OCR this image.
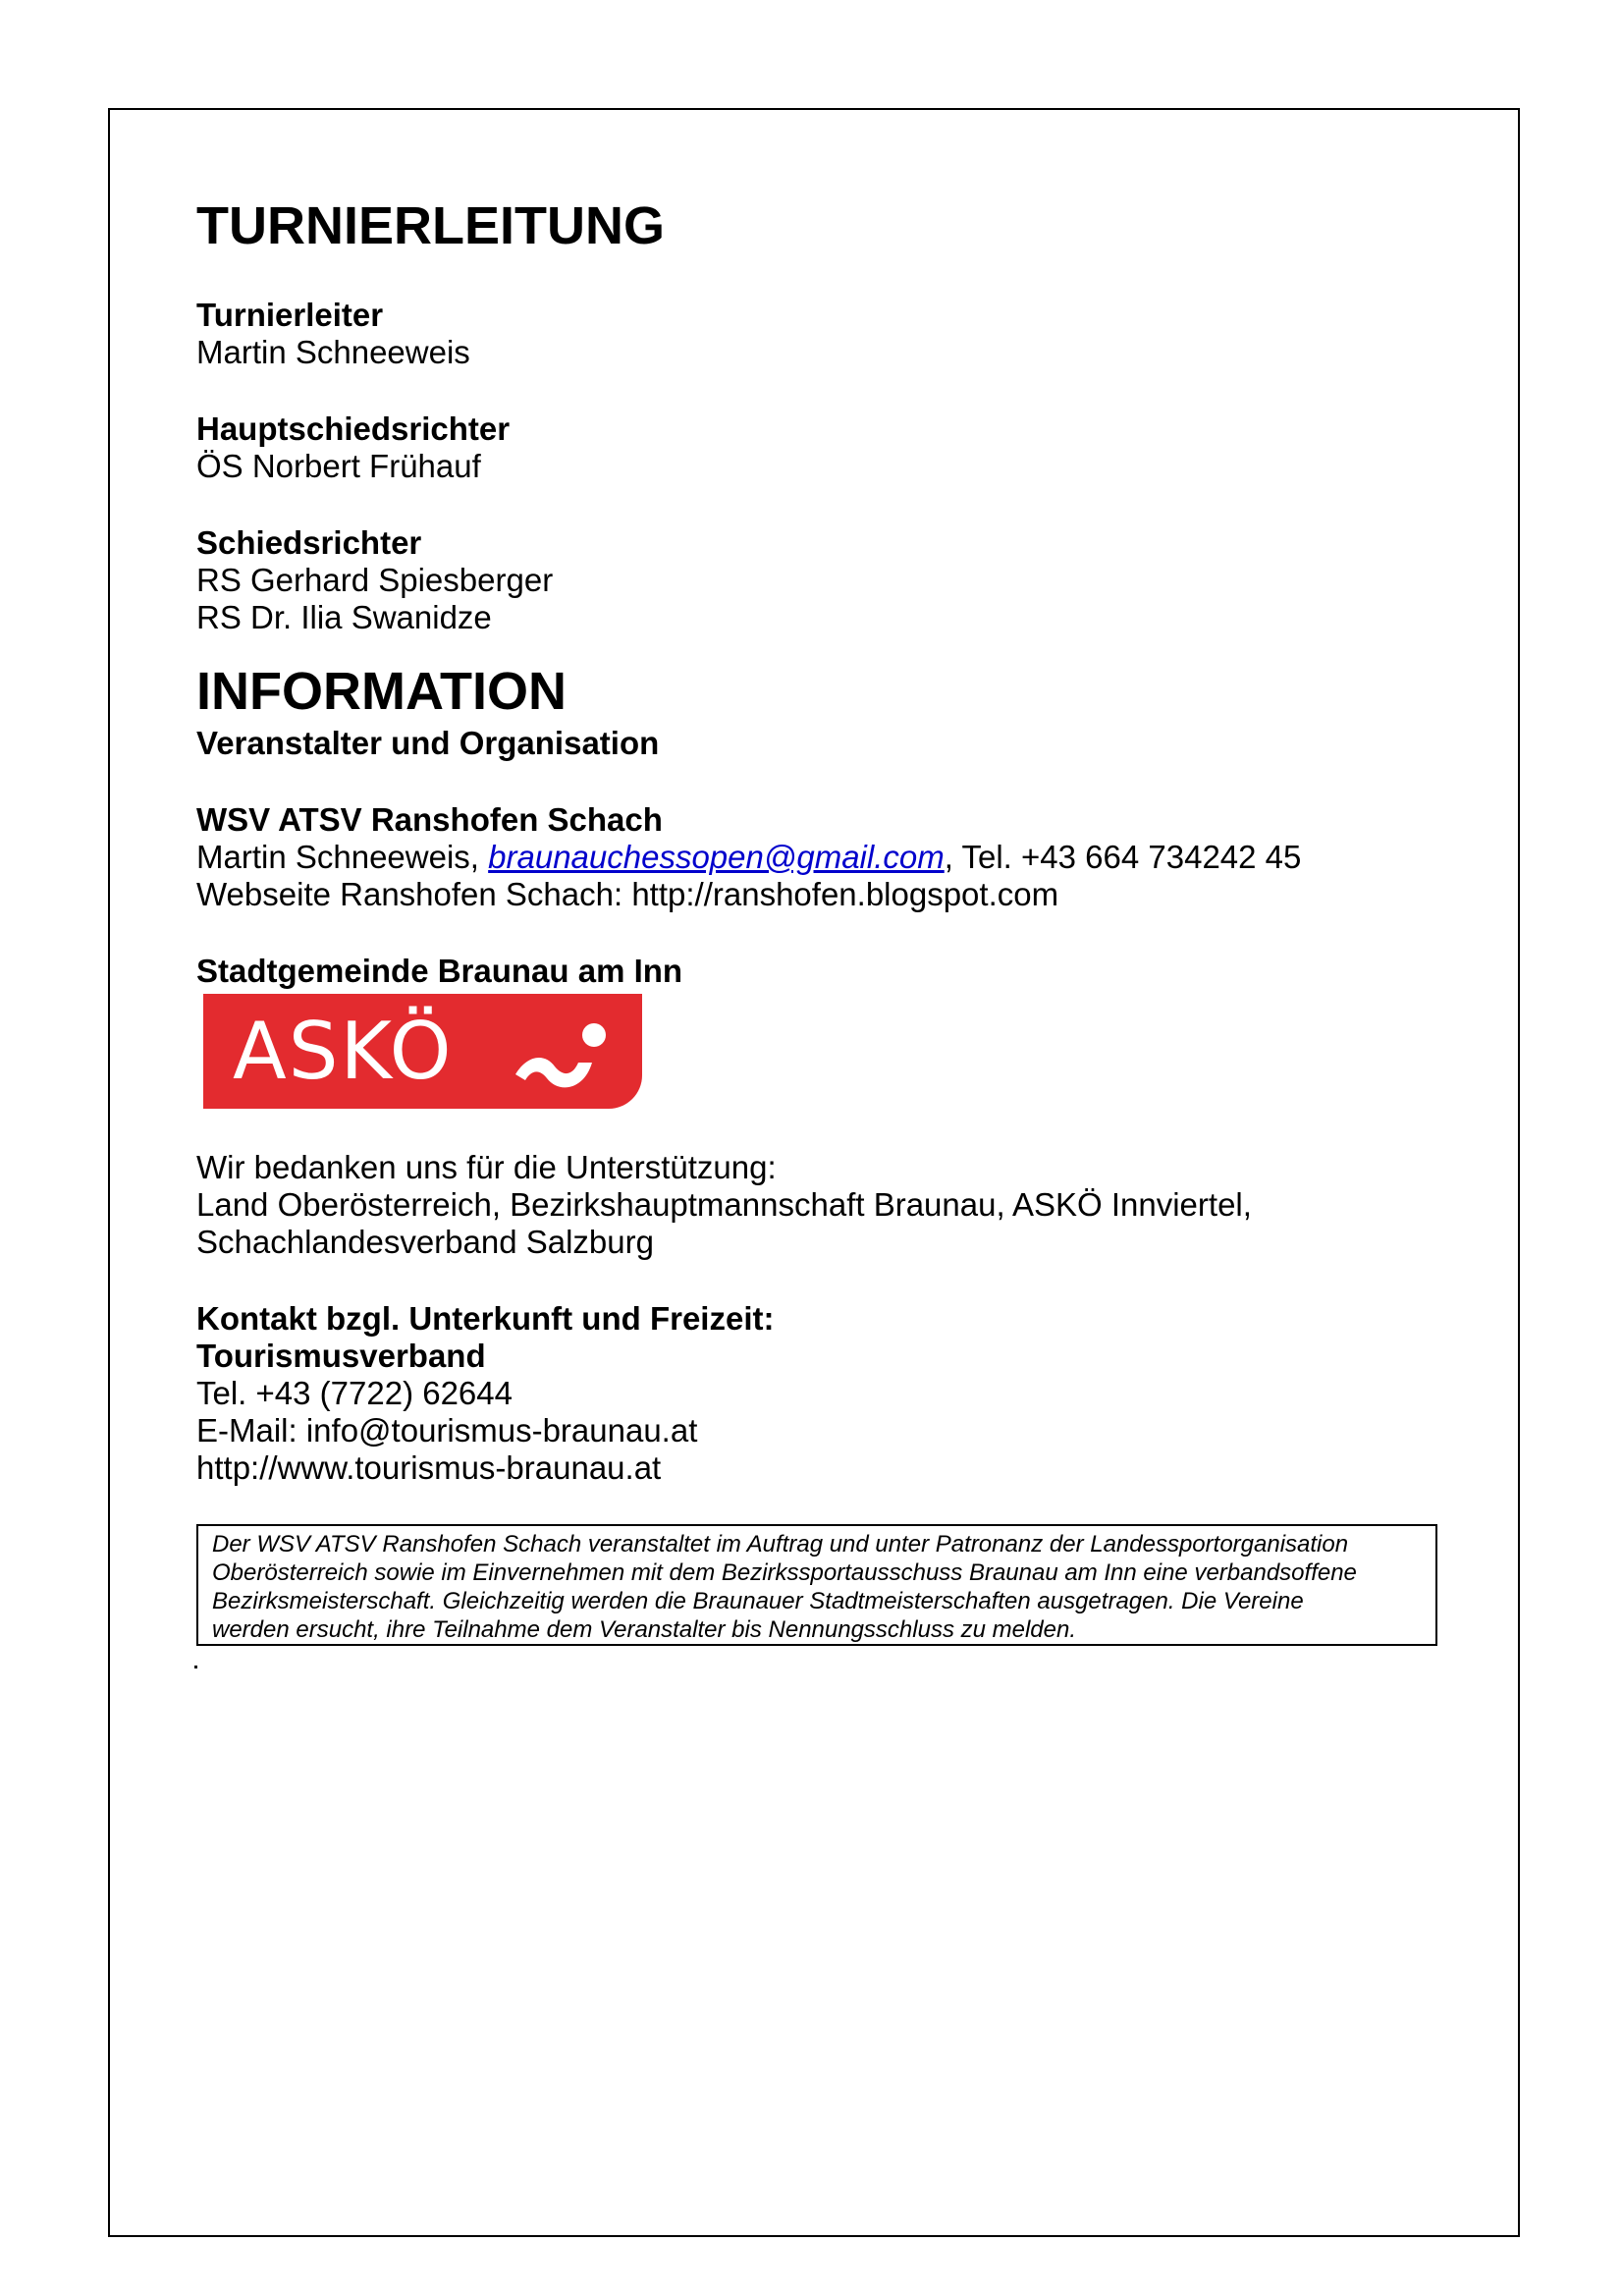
TURNIERLEITUNG
Turnierleiter
Martin Schneeweis
Hauptschiedsrichter
ÖS Norbert Frühauf
Schiedsrichter
RS Gerhard Spiesberger
RS Dr. Ilia Swanidze
INFORMATION
Veranstalter und Organisation
WSV ATSV Ranshofen Schach
Martin Schneeweis, braunauchessopen@gmail.com, Tel. +43 664 734242 45
Webseite Ranshofen Schach: http://ranshofen.blogspot.com
Stadtgemeinde Braunau am Inn
ASKÖ
Wir bedanken uns für die Unterstützung:
Land Oberösterreich, Bezirkshauptmannschaft Braunau, ASKÖ Innviertel,
Schachlandesverband Salzburg
Kontakt bzgl. Unterkunft und Freizeit:
Tourismusverband
Tel. +43 (7722) 62644
E-Mail: info@tourismus-braunau.at
http://www.tourismus-braunau.at
Der WSV ATSV Ranshofen Schach veranstaltet im Auftrag und unter Patronanz der Landessportorganisation
Oberösterreich sowie im Einvernehmen mit dem Bezirkssportausschuss Braunau am Inn eine verbandsoffene
Bezirksmeisterschaft. Gleichzeitig werden die Braunauer Stadtmeisterschaften ausgetragen. Die Vereine
werden ersucht, ihre Teilnahme dem Veranstalter bis Nennungsschluss zu melden.
